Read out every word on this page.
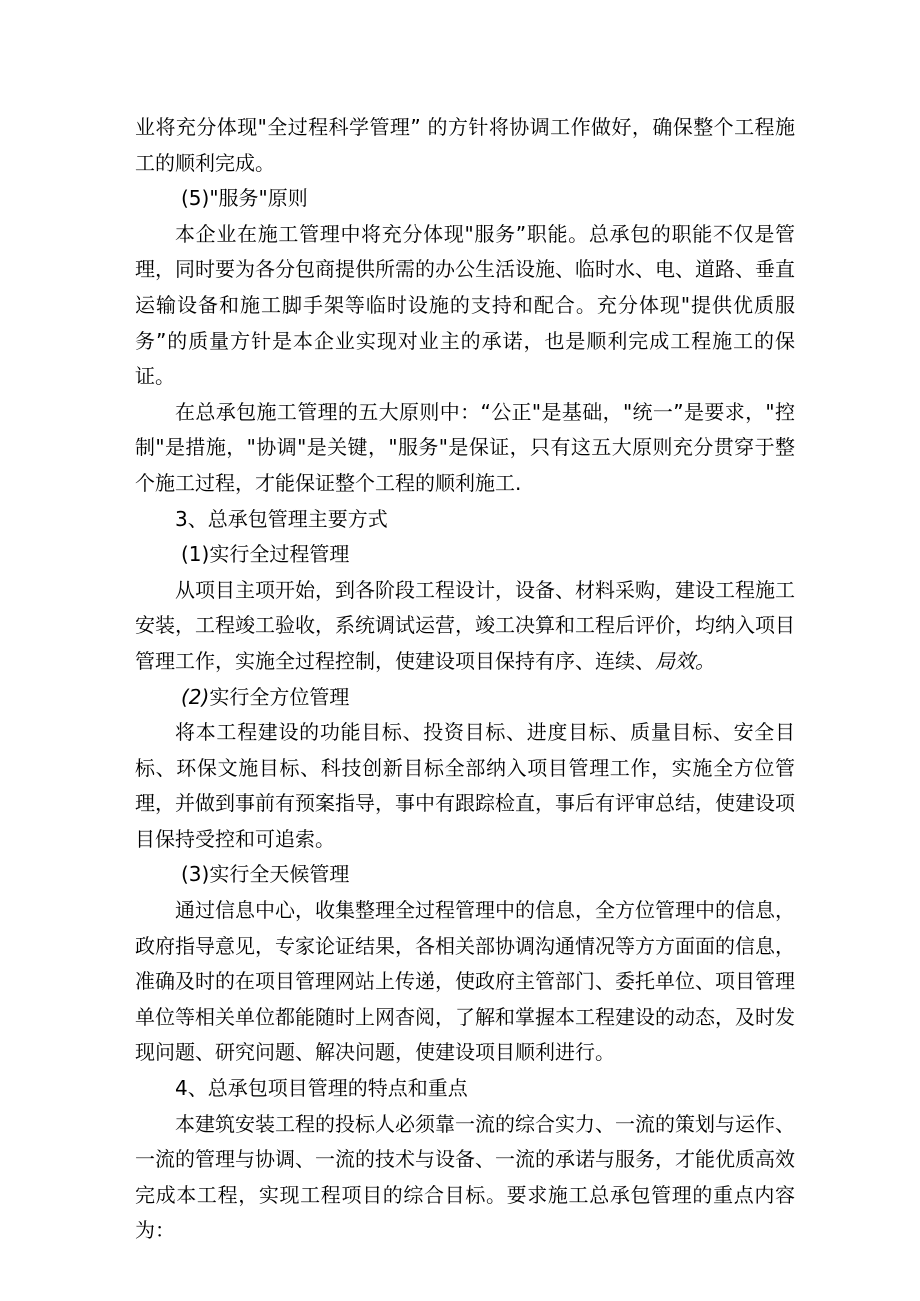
业将充分体现"全过程科学管理” 的方针将协调工作做好，确保整个工程施工的顺利完成。

(5)"服务"原则

本企业在施工管理中将充分体现"服务”职能。总承包的职能不仅是管理，同时要为各分包商提供所需的办公生活设施、临时水、电、道路、垂直运输设备和施工脚手架等临时设施的支持和配合。充分体现"提供优质服务”的质量方针是本企业实现对业主的承诺，也是顺利完成工程施工的保证。

在总承包施工管理的五大原则中：“公正"是基础，"统一”是要求，"控制"是措施，"协调"是关键，"服务"是保证，只有这五大原则充分贯穿于整个施工过程，才能保证整个工程的顺利施工.

3、总承包管理主要方式

(1)实行全过程管理

从项目主项开始，到各阶段工程设计，设备、材料采购，建设工程施工安装，工程竣工验收，系统调试运营，竣工决算和工程后评价，均纳入项目管理工作，实施全过程控制，使建设项目保持有序、连续、局效。

(2)实行全方位管理

将本工程建设的功能目标、投资目标、进度目标、质量目标、安全目标、环保文施目标、科技创新目标全部纳入项目管理工作，实施全方位管理，并做到事前有预案指导，事中有跟踪检直，事后有评审总结，使建设项目保持受控和可追索。

(3)实行全天候管理

通过信息中心，收集整理全过程管理中的信息，全方位管理中的信息，政府指导意见，专家论证结果，各相关部协调沟通情况等方方面面的信息，准确及时的在项目管理网站上传递，使政府主管部门、委托单位、项目管理单位等相关单位都能随时上网杳阅，了解和掌握本工程建设的动态，及时发现问题、研究问题、解决问题，使建设项目顺利进行。

4、总承包项目管理的特点和重点

本建筑安装工程的投标人必须靠一流的综合实力、一流的策划与运作、一流的管理与协调、一流的技术与设备、一流的承诺与服务，才能优质高效完成本工程，实现工程项目的综合目标。要求施工总承包管理的重点内容为：
